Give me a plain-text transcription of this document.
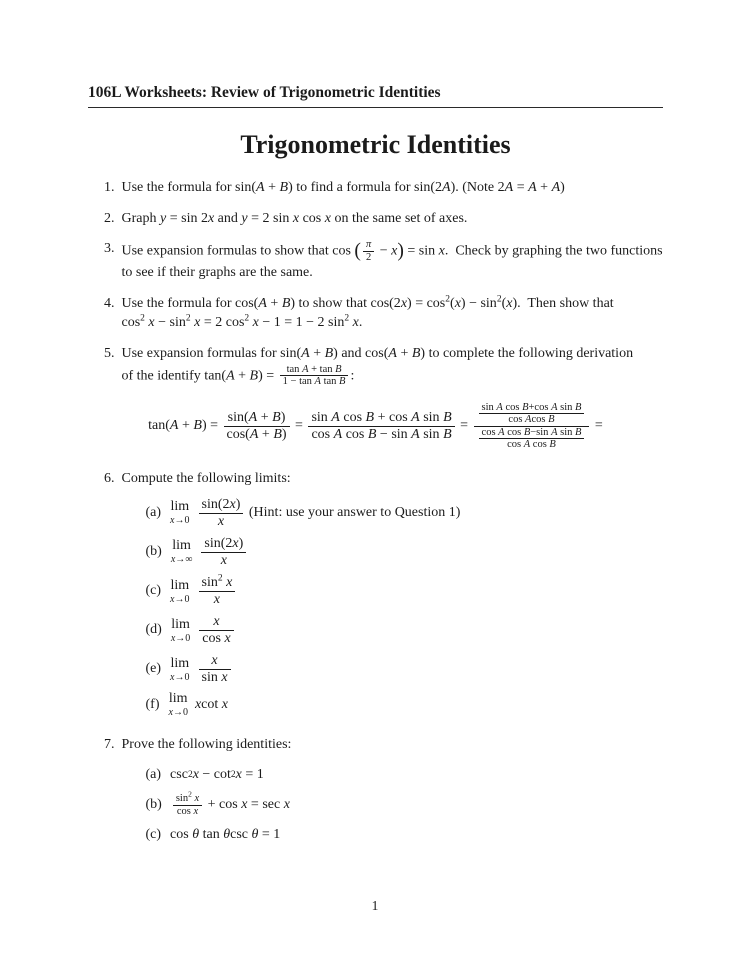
106L Worksheets: Review of Trigonometric Identities
Trigonometric Identities
1. Use the formula for sin(A + B) to find a formula for sin(2A). (Note 2A = A + A)
2. Graph y = sin 2x and y = 2 sin x cos x on the same set of axes.
3. Use expansion formulas to show that cos ( $\frac{\pi}{2} - x) = \sin x$.  Check by graphing the two functions
to see if their graphs are the same.
4. Use the formula for cos(A + B) to show that $\cos(2x) = \cos^2(x) - \sin^2(x)$.  Then show that
$\cos^2 x - \sin^2 x = 2$ $\cos^2 x - 1 = 1 - 2$ $\sin^2 x$.
5. Use expansion formulas for sin(A + B) and cos(A + B) to complete the following derivation
of the identify $\tan(A + B) = \frac{\text{tan A + tan B}}{\text{1 − tan A tan B}}$ :
tan( A + B ) = $\frac{\sin(A + B)}{\cos(A + B)} = \frac{\text{sin A cos B + cos A sin B}}{\text{cos A cos B − sin A sin B}} = \frac{\frac{\text{sin A cos B+cos A sin B}}{\text{cos Acos B}}}{\frac{\text{cos A cos B−sin A sin B}}{\text{cos A cos B}}}$ =
6. Compute the following limits:
(a) lim
$x\to 0 \frac{\sin(2x)}{x}$ (Hint: use your answer to Question 1)
(b) lim
$x\to\infty \frac{\sin(2x)}{x}$
(c) lim
$x\to 0 \frac{\sin^2 x}{x}$
(d) lim
$x\to 0 \frac{x}{\text{cos x}}$
(e) lim
$x\to 0 \frac{x}{\text{sin x}}$
(f) lim
x→0
x cot x
7. Prove the following identities:
(a) csc 2 x − cot 2 x = 1
$(b) \frac{\sin^2 x}{\text{cos x}} + \cos x = \sec x$
(c) cos θ tan θ csc θ = 1
1
